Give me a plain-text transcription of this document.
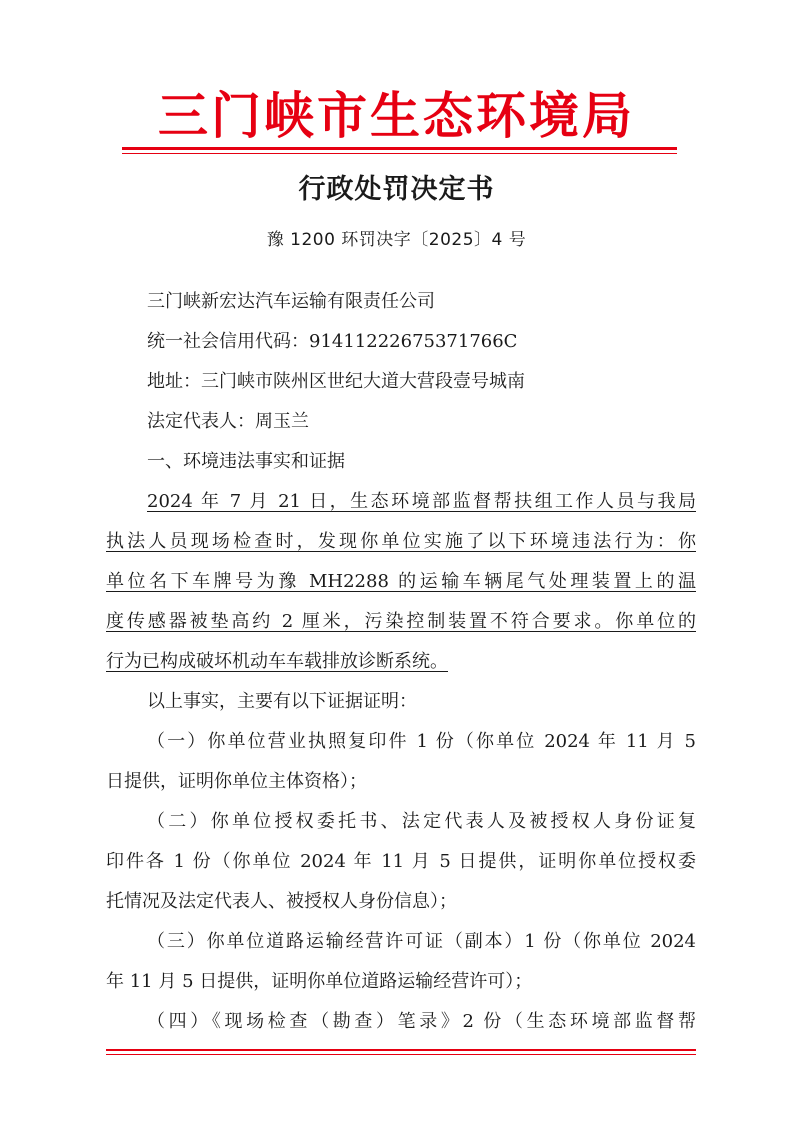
三门峡市生态环境局
行政处罚决定书
豫 1200 环罚决字〔2025〕4 号

三门峡新宏达汽车运输有限责任公司

统一社会信用代码：91411222675371766C

地址：三门峡市陕州区世纪大道大营段壹号城南

法定代表人：周玉兰

一、环境违法事实和证据

2024 年 7 月 21 日，生态环境部监督帮扶组工作人员与我局

执法人员现场检查时，发现你单位实施了以下环境违法行为：你

单位名下车牌号为豫 MH2288 的运输车辆尾气处理装置上的温

度传感器被垫高约 2 厘米，污染控制装置不符合要求。你单位的

行为已构成破坏机动车车载排放诊断系统。

以上事实，主要有以下证据证明：

（一）你单位营业执照复印件 1 份（你单位 2024 年 11 月 5

日提供，证明你单位主体资格）；

（二）你单位授权委托书、法定代表人及被授权人身份证复

印件各 1 份（你单位 2024 年 11 月 5 日提供，证明你单位授权委

托情况及法定代表人、被授权人身份信息）；

（三）你单位道路运输经营许可证（副本）1 份（你单位 2024

年 11 月 5 日提供，证明你单位道路运输经营许可）；

（四）《现场检查（勘查）笔录》2 份（生态环境部监督帮
